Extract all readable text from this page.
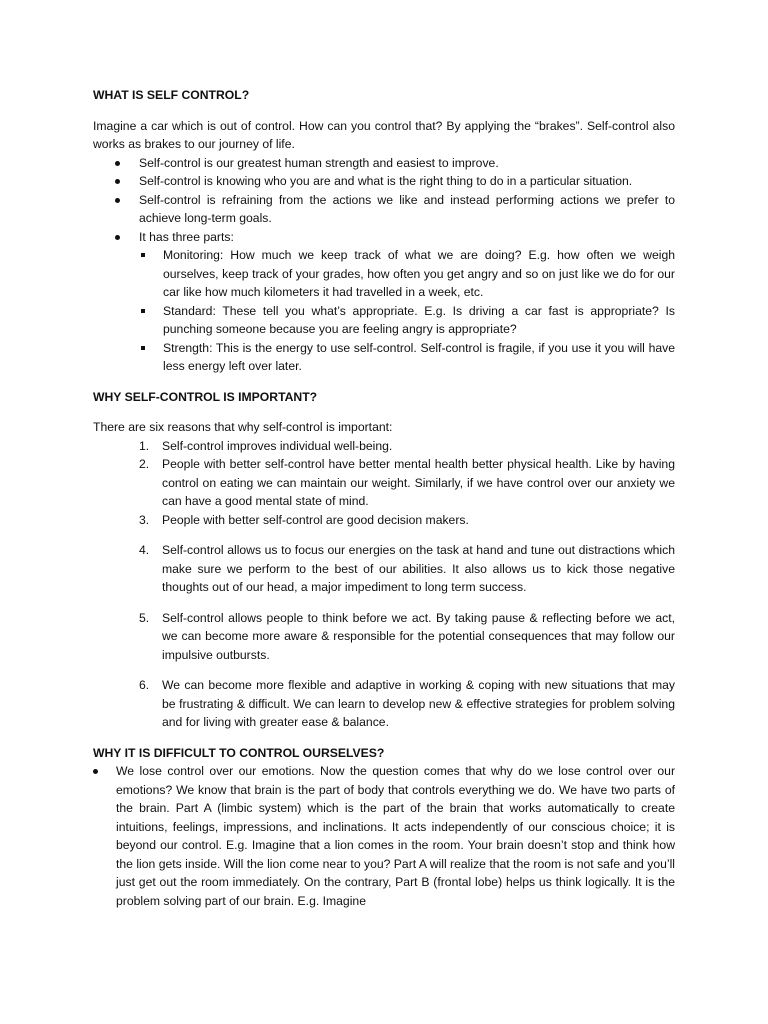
WHAT IS SELF CONTROL?

Imagine a car which is out of control. How can you control that? By applying the “brakes”. Self-control also works as brakes to our journey of life.

Self-control is our greatest human strength and easiest to improve.
Self-control is knowing who you are and what is the right thing to do in a particular situation.
Self-control is refraining from the actions we like and instead performing actions we prefer to achieve long-term goals.
It has three parts:
Monitoring: How much we keep track of what we are doing? E.g. how often we weigh ourselves, keep track of your grades, how often you get angry and so on just like we do for our car like how much kilometers it had travelled in a week, etc.
Standard: These tell you what’s appropriate. E.g. Is driving a car fast is appropriate? Is punching someone because you are feeling angry is appropriate?
Strength: This is the energy to use self-control. Self-control is fragile, if you use it you will have less energy left over later.
WHY SELF-CONTROL IS IMPORTANT?

There are six reasons that why self-control is important:

1. Self-control improves individual well-being.
2. People with better self-control have better mental health better physical health. Like by having control on eating we can maintain our weight. Similarly, if we have control over our anxiety we can have a good mental state of mind.
3. People with better self-control are good decision makers.
4. Self-control allows us to focus our energies on the task at hand and tune out distractions which make sure we perform to the best of our abilities. It also allows us to kick those negative thoughts out of our head, a major impediment to long term success.
5. Self-control allows people to think before we act. By taking pause & reflecting before we act, we can become more aware & responsible for the potential consequences that may follow our impulsive outbursts.
6. We can become more flexible and adaptive in working & coping with new situations that may be frustrating & difficult. We can learn to develop new & effective strategies for problem solving and for living with greater ease & balance.
WHY IT IS DIFFICULT TO CONTROL OURSELVES?
We lose control over our emotions. Now the question comes that why do we lose control over our emotions? We know that brain is the part of body that controls everything we do. We have two parts of the brain. Part A (limbic system) which is the part of the brain that works automatically to create intuitions, feelings, impressions, and inclinations. It acts independently of our conscious choice; it is beyond our control. E.g. Imagine that a lion comes in the room. Your brain doesn’t stop and think how the lion gets inside. Will the lion come near to you? Part A will realize that the room is not safe and you’ll just get out the room immediately. On the contrary, Part B (frontal lobe) helps us think logically. It is the problem solving part of our brain. E.g. Imagine
